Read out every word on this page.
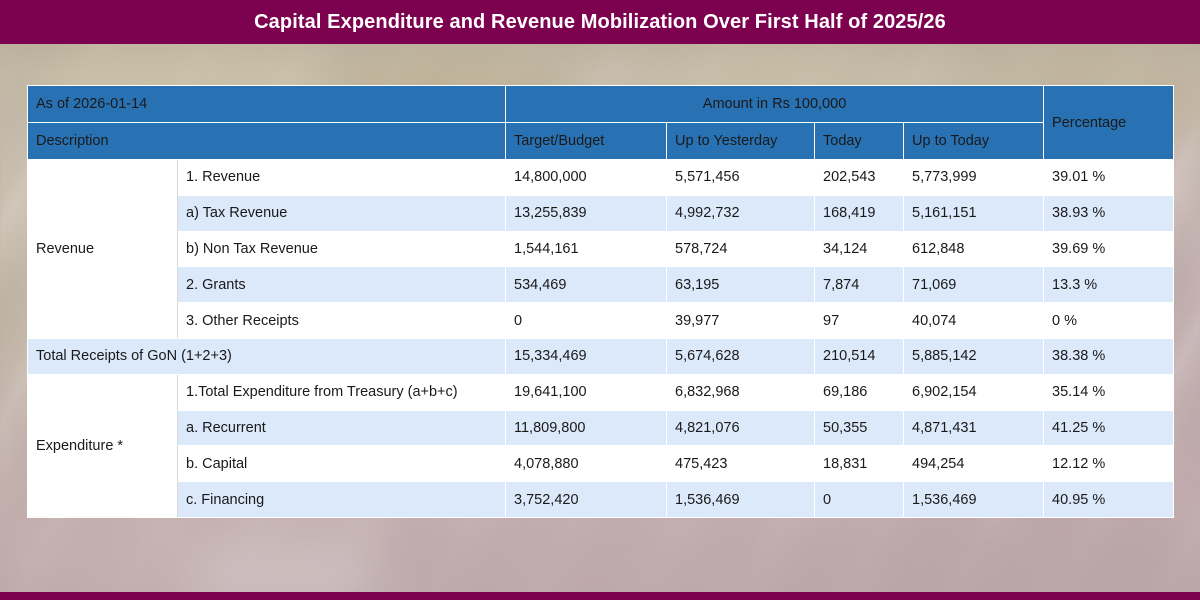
Capital Expenditure and Revenue Mobilization Over First Half of 2025/26
As of 2026-01-14		Amount in Rs 100,000				Percentage
Description		Target/Budget	Up to Yesterday	Today	Up to Today	
Revenue	1. Revenue	14,800,000	5,571,456	202,543	5,773,999	39.01 %
	a) Tax Revenue	13,255,839	4,992,732	168,419	5,161,151	38.93 %
	b) Non Tax Revenue	1,544,161	578,724	34,124	612,848	39.69 %
	2. Grants	534,469	63,195	7,874	71,069	13.3 %
	3. Other Receipts	0	39,977	97	40,074	0 %
Total Receipts of GoN (1+2+3)		15,334,469	5,674,628	210,514	5,885,142	38.38 %
Expenditure *	1.Total Expenditure from Treasury (a+b+c)	19,641,100	6,832,968	69,186	6,902,154	35.14 %
	a. Recurrent	11,809,800	4,821,076	50,355	4,871,431	41.25 %
	b. Capital	4,078,880	475,423	18,831	494,254	12.12 %
	c. Financing	3,752,420	1,536,469	0	1,536,469	40.95 %
